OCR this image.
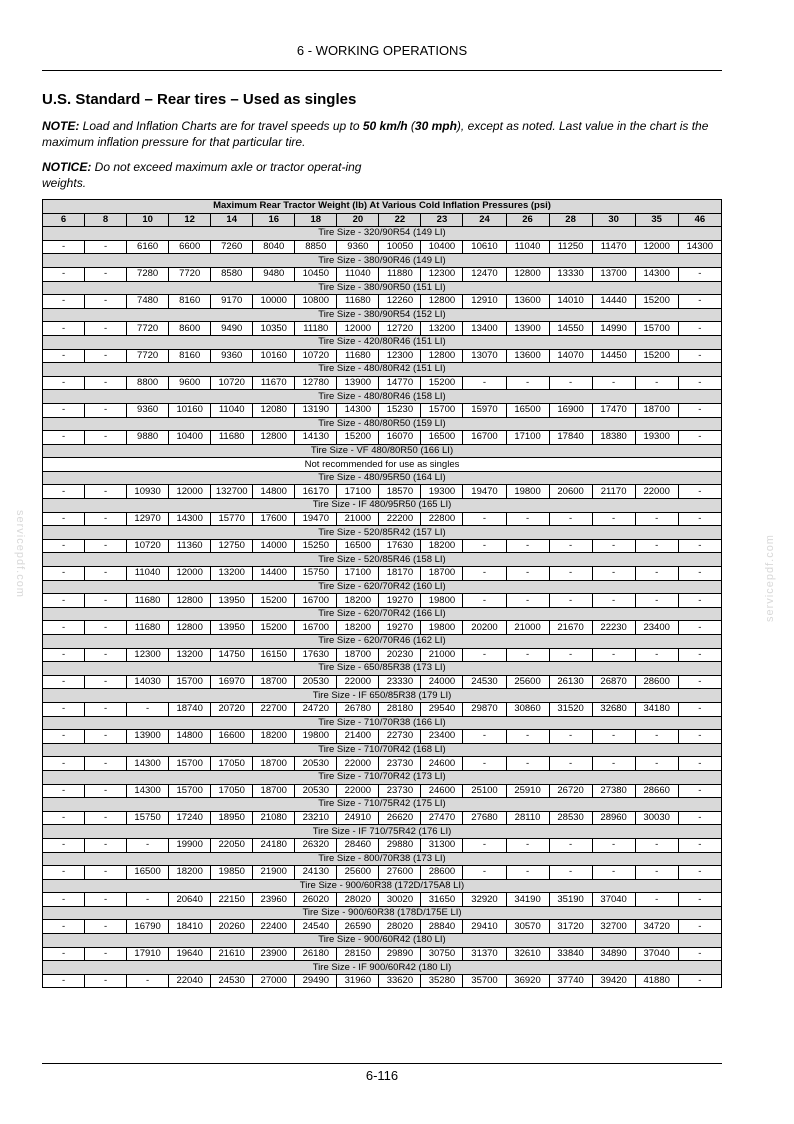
6 - WORKING OPERATIONS
U.S. Standard – Rear tires – Used as singles
NOTE: Load and Inflation Charts are for travel speeds up to 50 km/h (30 mph), except as noted. Last value in the chart is the maximum inflation pressure for that particular tire.
NOTICE: Do not exceed maximum axle or tractor operat-ing weights.
Maximum Rear Tractor Weight (lb) At Various Cold Inflation Pressures (psi)															
6	8	10	12	14	16	18	20	22	23	24	26	28	30	35	46
Tire Size - 320/90R54 (149 LI)															
-	-	6160	6600	7260	8040	8850	9360	10050	10400	10610	11040	11250	11470	12000	14300
Tire Size - 380/90R46 (149 LI)															
-	-	7280	7720	8580	9480	10450	11040	11880	12300	12470	12800	13330	13700	14300	-
Tire Size - 380/90R50 (151 LI)															
-	-	7480	8160	9170	10000	10800	11680	12260	12800	12910	13600	14010	14440	15200	-
Tire Size - 380/90R54 (152 LI)															
-	-	7720	8600	9490	10350	11180	12000	12720	13200	13400	13900	14550	14990	15700	-
Tire Size - 420/80R46 (151 LI)															
-	-	7720	8160	9360	10160	10720	11680	12300	12800	13070	13600	14070	14450	15200	-
Tire Size - 480/80R42 (151 LI)															
-	-	8800	9600	10720	11670	12780	13900	14770	15200	-	-	-	-	-	-
Tire Size - 480/80R46 (158 LI)															
-	-	9360	10160	11040	12080	13190	14300	15230	15700	15970	16500	16900	17470	18700	-
Tire Size - 480/80R50 (159 LI)															
-	-	9880	10400	11680	12800	14130	15200	16070	16500	16700	17100	17840	18380	19300	-
Tire Size - VF 480/80R50 (166 LI)															
Not recommended for use as singles															
Tire Size - 480/95R50 (164 LI)															
-	-	10930	12000	132700	14800	16170	17100	18570	19300	19470	19800	20600	21170	22000	-
Tire Size - IF 480/95R50 (165 LI)															
-	-	12970	14300	15770	17600	19470	21000	22200	22800	-	-	-	-	-	-
Tire Size - 520/85R42 (157 LI)															
-	-	10720	11360	12750	14000	15250	16500	17630	18200	-	-	-	-	-	-
Tire Size - 520/85R46 (158 LI)															
-	-	11040	12000	13200	14400	15750	17100	18170	18700	-	-	-	-	-	-
Tire Size - 620/70R42 (160 LI)															
-	-	11680	12800	13950	15200	16700	18200	19270	19800	-	-	-	-	-	-
Tire Size - 620/70R42 (166 LI)															
-	-	11680	12800	13950	15200	16700	18200	19270	19800	20200	21000	21670	22230	23400	-
Tire Size - 620/70R46 (162 LI)															
-	-	12300	13200	14750	16150	17630	18700	20230	21000	-	-	-	-	-	-
Tire Size - 650/85R38 (173 LI)															
-	-	14030	15700	16970	18700	20530	22000	23330	24000	24530	25600	26130	26870	28600	-
Tire Size - IF 650/85R38 (179 LI)															
-	-	-	18740	20720	22700	24720	26780	28180	29540	29870	30860	31520	32680	34180	-
Tire Size - 710/70R38 (166 LI)															
-	-	13900	14800	16600	18200	19800	21400	22730	23400	-	-	-	-	-	-
Tire Size - 710/70R42 (168 LI)															
-	-	14300	15700	17050	18700	20530	22000	23730	24600	-	-	-	-	-	-
Tire Size - 710/70R42 (173 LI)															
-	-	14300	15700	17050	18700	20530	22000	23730	24600	25100	25910	26720	27380	28660	-
Tire Size - 710/75R42 (175 LI)															
-	-	15750	17240	18950	21080	23210	24910	26620	27470	27680	28110	28530	28960	30030	-
Tire Size - IF 710/75R42 (176 LI)															
-	-	-	19900	22050	24180	26320	28460	29880	31300	-	-	-	-	-	-
Tire Size - 800/70R38 (173 LI)															
-	-	16500	18200	19850	21900	24130	25600	27600	28600	-	-	-	-	-	-
Tire Size - 900/60R38 (172D/175A8 LI)															
-	-	-	20640	22150	23960	26020	28020	30020	31650	32920	34190	35190	37040	-	-
Tire Size - 900/60R38 (178D/175E LI)															
-	-	16790	18410	20260	22400	24540	26590	28020	28840	29410	30570	31720	32700	34720	-
Tire Size - 900/60R42 (180 LI)															
-	-	17910	19640	21610	23900	26180	28150	29890	30750	31370	32610	33840	34890	37040	-
Tire Size - IF 900/60R42 (180 LI)															
-	-	-	22040	24530	27000	29490	31960	33620	35280	35700	36920	37740	39420	41880	-
servicepdf.com	servicepdf.com
6-116
